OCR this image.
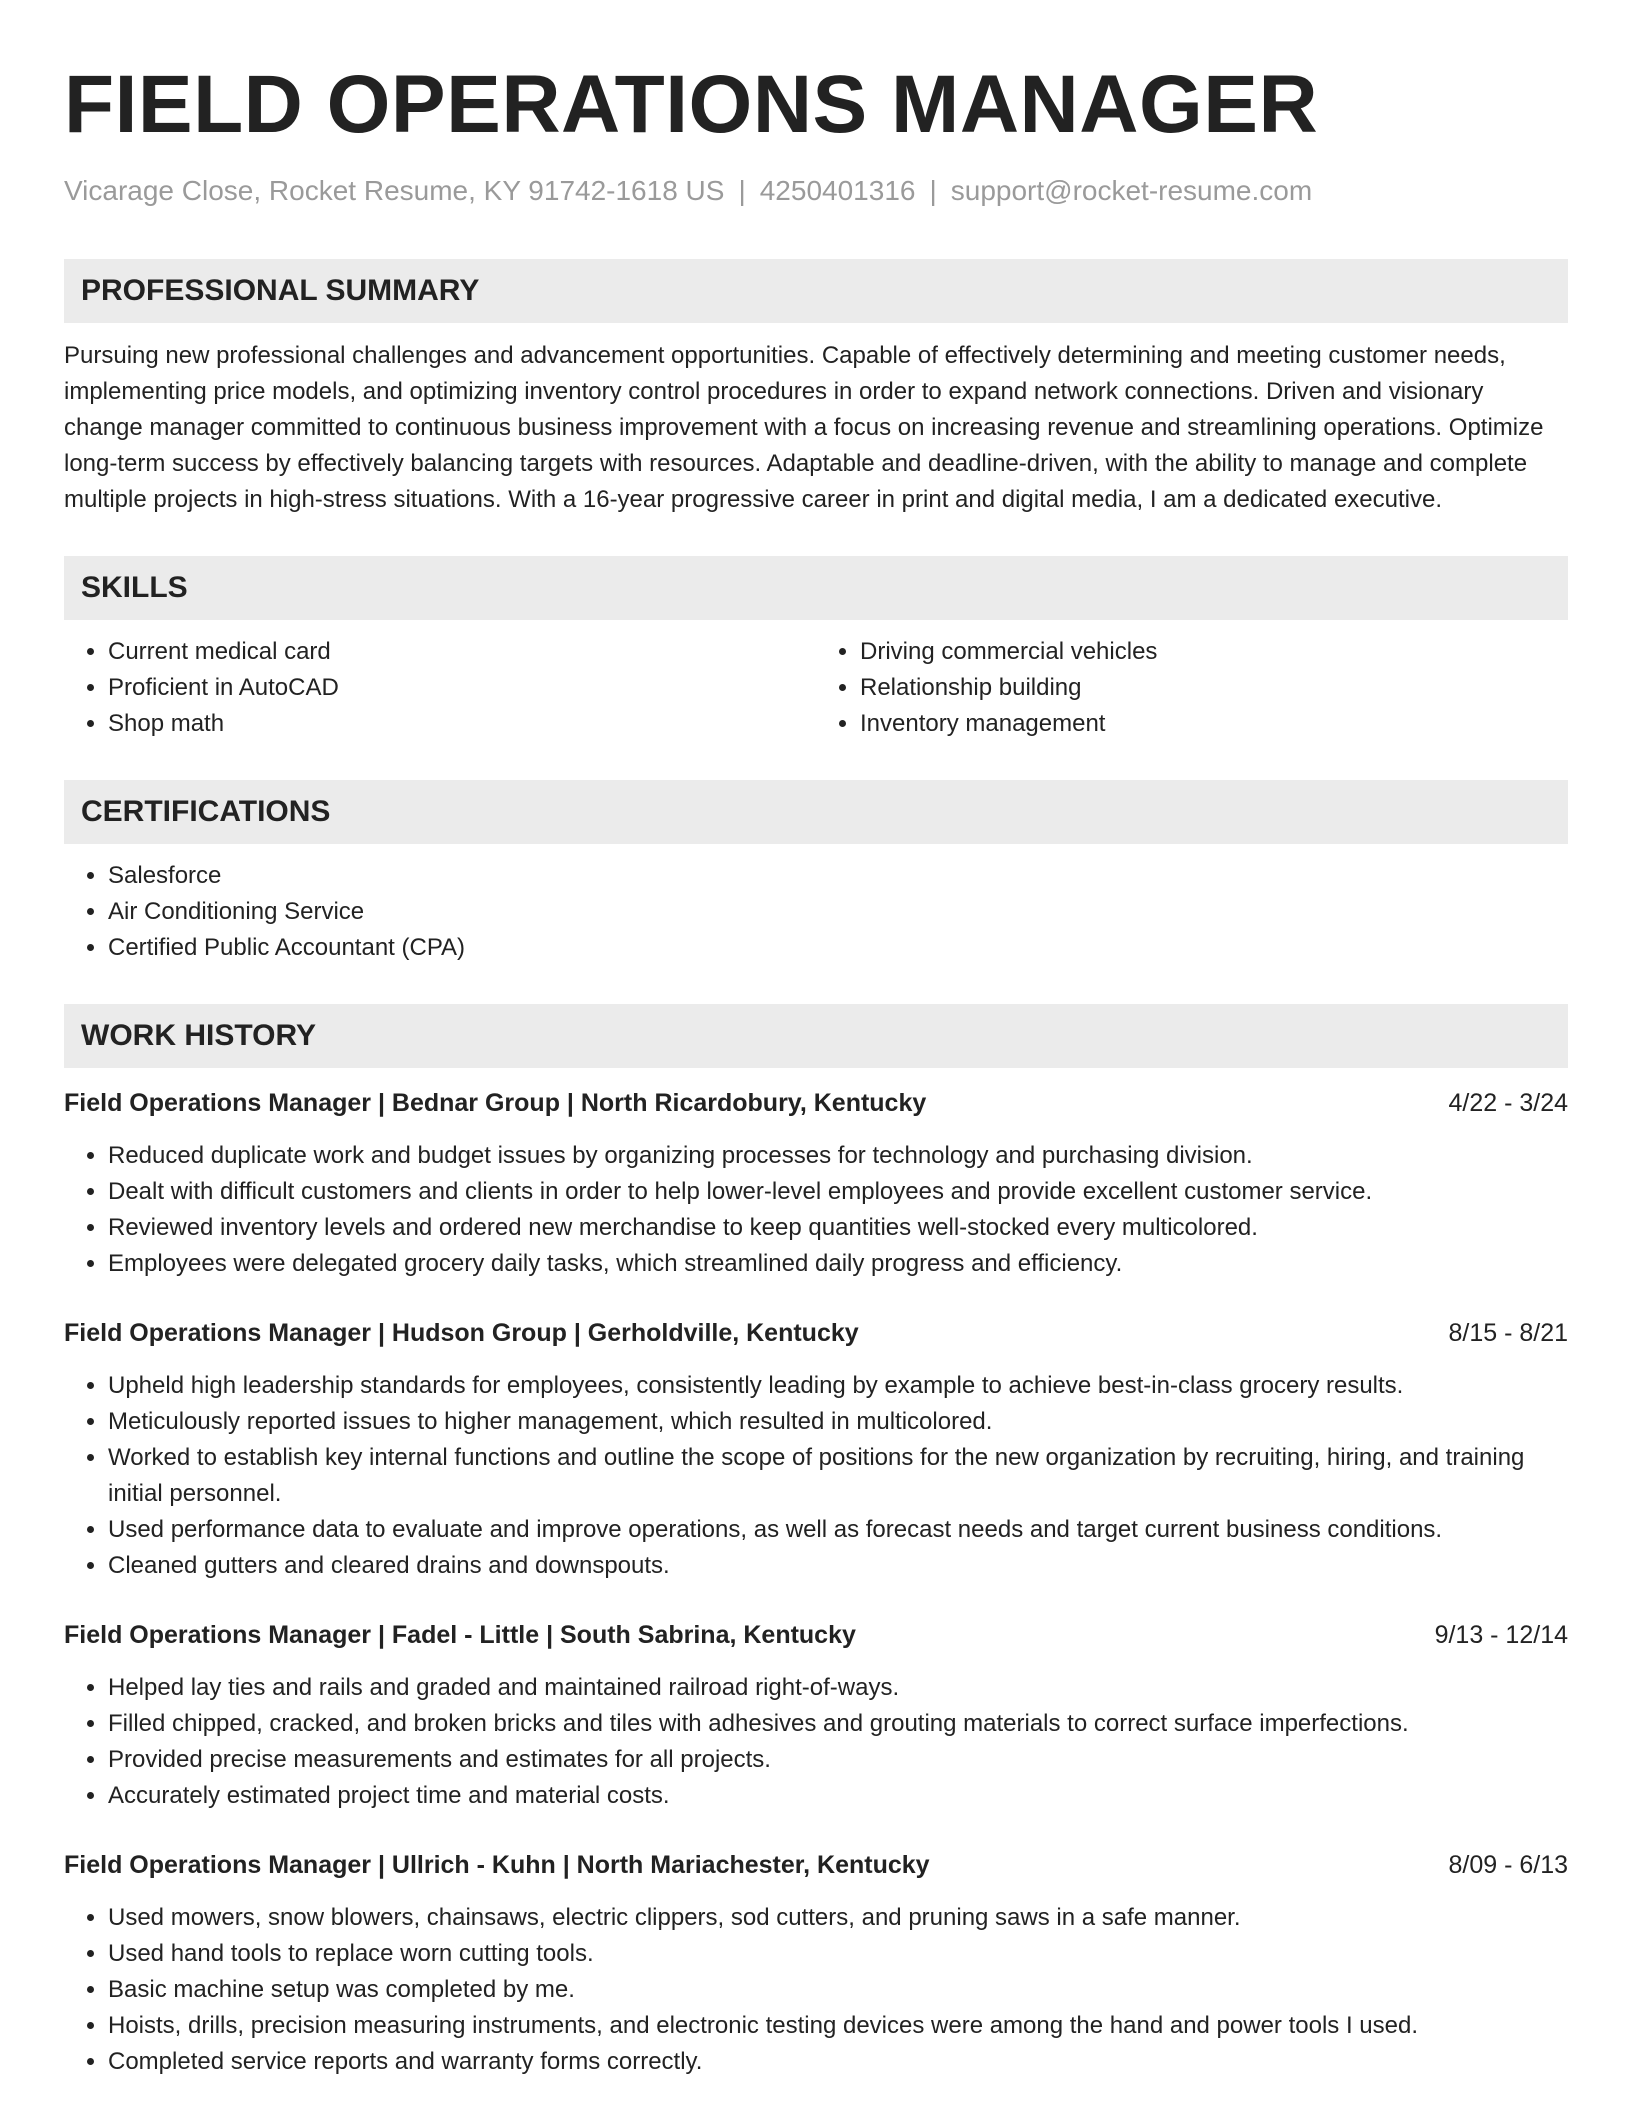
FIELD OPERATIONS MANAGER
Vicarage Close, Rocket Resume, KY 91742-1618 US | 4250401316 | support@rocket-resume.com
PROFESSIONAL SUMMARY

Pursuing new professional challenges and advancement opportunities. Capable of effectively determining and meeting customer needs, implementing price models, and optimizing inventory control procedures in order to expand network connections. Driven and visionary change manager committed to continuous business improvement with a focus on increasing revenue and streamlining operations. Optimize long-term success by effectively balancing targets with resources. Adaptable and deadline-driven, with the ability to manage and complete multiple projects in high-stress situations. With a 16-year progressive career in print and digital media, I am a dedicated executive.

SKILLS
• Current medical card
• Proficient in AutoCAD
• Shop math
• Driving commercial vehicles
• Relationship building
• Inventory management
CERTIFICATIONS
• Salesforce
• Air Conditioning Service
• Certified Public Accountant (CPA)
WORK HISTORY
Field Operations Manager | Bednar Group | North Ricardobury, Kentucky	4/22 - 3/24
• Reduced duplicate work and budget issues by organizing processes for technology and purchasing division.
• Dealt with difficult customers and clients in order to help lower-level employees and provide excellent customer service.
• Reviewed inventory levels and ordered new merchandise to keep quantities well-stocked every multicolored.
• Employees were delegated grocery daily tasks, which streamlined daily progress and efficiency.
Field Operations Manager | Hudson Group | Gerholdville, Kentucky	8/15 - 8/21
• Upheld high leadership standards for employees, consistently leading by example to achieve best-in-class grocery results.
• Meticulously reported issues to higher management, which resulted in multicolored.
• Worked to establish key internal functions and outline the scope of positions for the new organization by recruiting, hiring, and training initial personnel.
• Used performance data to evaluate and improve operations, as well as forecast needs and target current business conditions.
• Cleaned gutters and cleared drains and downspouts.
Field Operations Manager | Fadel - Little | South Sabrina, Kentucky	9/13 - 12/14
• Helped lay ties and rails and graded and maintained railroad right-of-ways.
• Filled chipped, cracked, and broken bricks and tiles with adhesives and grouting materials to correct surface imperfections.
• Provided precise measurements and estimates for all projects.
• Accurately estimated project time and material costs.
Field Operations Manager | Ullrich - Kuhn | North Mariachester, Kentucky	8/09 - 6/13
• Used mowers, snow blowers, chainsaws, electric clippers, sod cutters, and pruning saws in a safe manner.
• Used hand tools to replace worn cutting tools.
• Basic machine setup was completed by me.
• Hoists, drills, precision measuring instruments, and electronic testing devices were among the hand and power tools I used.
• Completed service reports and warranty forms correctly.
